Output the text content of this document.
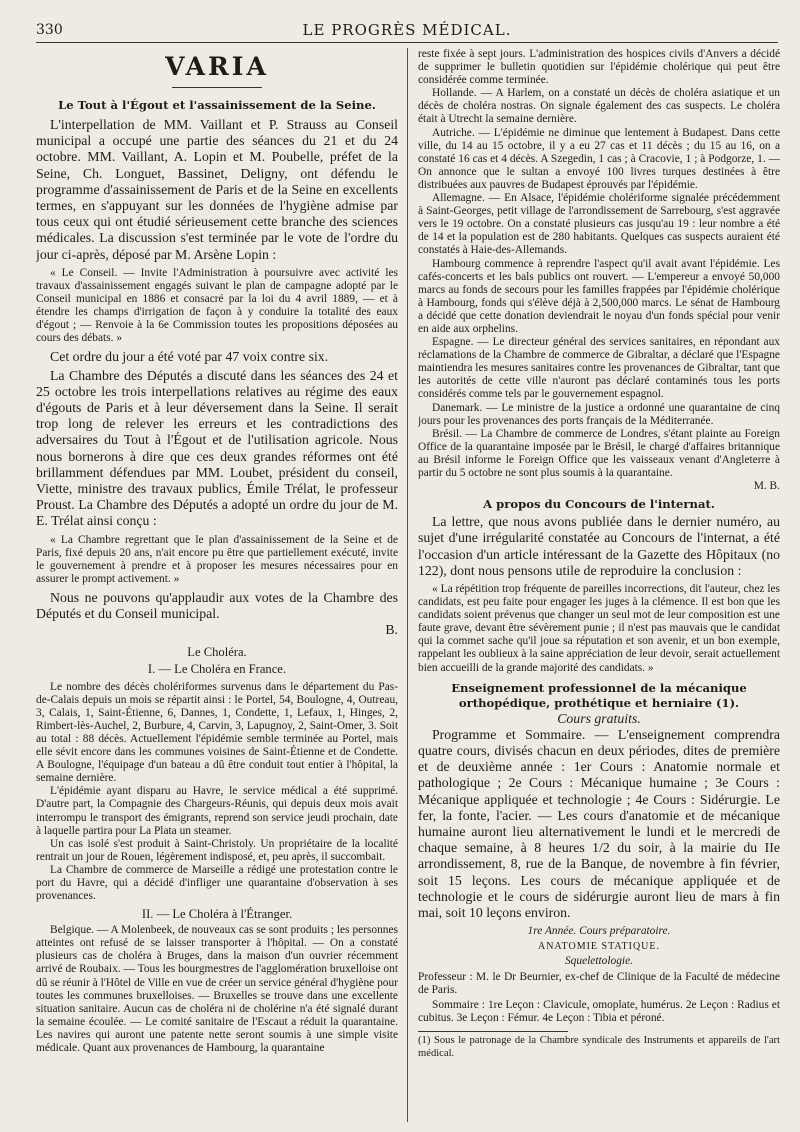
330	LE PROGRÈS MÉDICAL.
VARIA
Le Tout à l'Égout et l'assainissement de la Seine.

L'interpellation de MM. Vaillant et P. Strauss au Conseil municipal a occupé une partie des séances du 21 et du 24 octobre. MM. Vaillant, A. Lopin et M. Poubelle, préfet de la Seine, Ch. Longuet, Bassinet, Deligny, ont défendu le programme d'assainissement de Paris et de la Seine en excellents termes, en s'appuyant sur les données de l'hygiène admise par tous ceux qui ont étudié sérieusement cette branche des sciences médicales. La discussion s'est terminée par le vote de l'ordre du jour ci-après, déposé par M. Arsène Lopin :

« Le Conseil. — Invite l'Administration à poursuivre avec activité les travaux d'assainissement engagés suivant le plan de campagne adopté par le Conseil municipal en 1886 et consacré par la loi du 4 avril 1889, — et à étendre les champs d'irrigation de façon à y conduire la totalité des eaux d'égout ; — Renvoie à la 6e Commission toutes les propositions déposées au cours des débats. »

Cet ordre du jour a été voté par 47 voix contre six.

La Chambre des Députés a discuté dans les séances des 24 et 25 octobre les trois interpellations relatives au régime des eaux d'égouts de Paris et à leur déversement dans la Seine. Il serait trop long de relever les erreurs et les contradictions des adversaires du Tout à l'Égout et de l'utilisation agricole. Nous nous bornerons à dire que ces deux grandes réformes ont été brillamment défendues par MM. Loubet, président du conseil, Viette, ministre des travaux publics, Émile Trélat, le professeur Proust. La Chambre des Députés a adopté un ordre du jour de M. E. Trélat ainsi conçu :

« La Chambre regrettant que le plan d'assainissement de la Seine et de Paris, fixé depuis 20 ans, n'ait encore pu être que partiellement exécuté, invite le gouvernement à prendre et à proposer les mesures nécessaires pour en assurer le prompt activement. »

Nous ne pouvons qu'applaudir aux votes de la Chambre des Députés et du Conseil municipal.

B.

Le Choléra.
I. — Le Choléra en France.

Le nombre des décès cholériformes survenus dans le département du Pas-de-Calais depuis un mois se répartit ainsi : le Portel, 54, Boulogne, 4, Outreau, 3, Calais, 1, Saint-Étienne, 6, Dannes, 1, Condette, 1, Lefaux, 1, Hinges, 2, Rimbert-lès-Auchel, 2, Burbure, 4, Carvin, 3, Lapugnoy, 2, Saint-Omer, 3. Soit au total : 88 décès. Actuellement l'épidémie semble terminée au Portel, mais elle sévit encore dans les communes voisines de Saint-Étienne et de Condette. A Boulogne, l'équipage d'un bateau a dû être conduit tout entier à l'hôpital, la semaine dernière.

L'épidémie ayant disparu au Havre, le service médical a été supprimé. D'autre part, la Compagnie des Chargeurs-Réunis, qui depuis deux mois avait interrompu le transport des émigrants, reprend son service jeudi prochain, date à laquelle partira pour La Plata un steamer.

Un cas isolé s'est produit à Saint-Christoly. Un propriétaire de la localité rentrait un jour de Rouen, légèrement indisposé, et, peu après, il succombait.

La Chambre de commerce de Marseille a rédigé une protestation contre le port du Havre, qui a décidé d'infliger une quarantaine d'observation à ses provenances.

II. — Le Choléra à l'Étranger.

Belgique. — A Molenbeek, de nouveaux cas se sont produits ; les personnes atteintes ont refusé de se laisser transporter à l'hôpital. — On a constaté plusieurs cas de choléra à Bruges, dans la maison d'un ouvrier récemment arrivé de Roubaix. — Tous les bourgmestres de l'agglomération bruxelloise ont dû se réunir à l'Hôtel de Ville en vue de créer un service général d'hygiène pour toutes les communes bruxelloises. — Bruxelles se trouve dans une excellente situation sanitaire. Aucun cas de choléra ni de cholérine n'a été signalé durant la semaine écoulée. — Le comité sanitaire de l'Escaut a réduit la quarantaine. Les navires qui auront une patente nette seront soumis à une simple visite médicale. Quant aux provenances de Hambourg, la quarantaine

reste fixée à sept jours. L'administration des hospices civils d'Anvers a décidé de supprimer le bulletin quotidien sur l'épidémie cholérique qui peut être considérée comme terminée.

Hollande. — A Harlem, on a constaté un décès de choléra asiatique et un décès de choléra nostras. On signale également des cas suspects. Le choléra était à Utrecht la semaine dernière.

Autriche. — L'épidémie ne diminue que lentement à Budapest. Dans cette ville, du 14 au 15 octobre, il y a eu 27 cas et 11 décès ; du 15 au 16, on a constaté 16 cas et 4 décès. A Szegedin, 1 cas ; à Cracovie, 1 ; à Podgorze, 1. — On annonce que le sultan a envoyé 100 livres turques destinées à être distribuées aux pauvres de Budapest éprouvés par l'épidémie.

Allemagne. — En Alsace, l'épidémie cholériforme signalée précédemment à Saint-Georges, petit village de l'arrondissement de Sarrebourg, s'est aggravée vers le 19 octobre. On a constaté plusieurs cas jusqu'au 19 : leur nombre a été de 14 et la population est de 280 habitants. Quelques cas suspects auraient été constatés à Haie-des-Allemands.

Hambourg commence à reprendre l'aspect qu'il avait avant l'épidémie. Les cafés-concerts et les bals publics ont rouvert. — L'empereur a envoyé 50,000 marcs au fonds de secours pour les familles frappées par l'épidémie cholérique à Hambourg, fonds qui s'élève déjà à 2,500,000 marcs. Le sénat de Hambourg a décidé que cette donation deviendrait le noyau d'un fonds spécial pour venir en aide aux orphelins.

Espagne. — Le directeur général des services sanitaires, en répondant aux réclamations de la Chambre de commerce de Gibraltar, a déclaré que l'Espagne maintiendra les mesures sanitaires contre les provenances de Gibraltar, tant que les autorités de cette ville n'auront pas déclaré contaminés tous les ports considérés comme tels par le gouvernement espagnol.

Danemark. — Le ministre de la justice a ordonné une quarantaine de cinq jours pour les provenances des ports français de la Méditerranée.

Brésil. — La Chambre de commerce de Londres, s'étant plainte au Foreign Office de la quarantaine imposée par le Brésil, le chargé d'affaires britannique au Brésil informe le Foreign Office que les vaisseaux venant d'Angleterre à partir du 5 octobre ne sont plus soumis à la quarantaine.

M. B.

A propos du Concours de l'internat.

La lettre, que nous avons publiée dans le dernier numéro, au sujet d'une irrégularité constatée au Concours de l'internat, a été l'occasion d'un article intéressant de la Gazette des Hôpitaux (no 122), dont nous pensons utile de reproduire la conclusion :

« La répétition trop fréquente de pareilles incorrections, dit l'auteur, chez les candidats, est peu faite pour engager les juges à la clémence. Il est bon que les candidats soient prévenus que changer un seul mot de leur composition est une faute grave, devant être sévèrement punie ; il n'est pas mauvais que le candidat qui la commet sache qu'il joue sa réputation et son avenir, et un bon exemple, rappelant les oublieux à la saine appréciation de leur devoir, serait actuellement bien accueilli de la grande majorité des candidats. »

Enseignement professionnel de la mécanique orthopédique, prothétique et herniaire (1).
Cours gratuits.

Programme et Sommaire. — L'enseignement comprendra quatre cours, divisés chacun en deux périodes, dites de première et de deuxième année : 1er Cours : Anatomie normale et pathologique ; 2e Cours : Mécanique humaine ; 3e Cours : Mécanique appliquée et technologie ; 4e Cours : Sidérurgie. Le fer, la fonte, l'acier. — Les cours d'anatomie et de mécanique humaine auront lieu alternativement le lundi et le mercredi de chaque semaine, à 8 heures 1/2 du soir, à la mairie du IIe arrondissement, 8, rue de la Banque, de novembre à fin février, soit 15 leçons. Les cours de mécanique appliquée et de technologie et le cours de sidérurgie auront lieu de mars à fin mai, soit 10 leçons environ.

1re Année. Cours préparatoire.
ANATOMIE STATIQUE.
Squelettologie.

Professeur : M. le Dr Beurnier, ex-chef de Clinique de la Faculté de médecine de Paris.

Sommaire : 1re Leçon : Clavicule, omoplate, humérus. 2e Leçon : Radius et cubitus. 3e Leçon : Fémur. 4e Leçon : Tibia et péroné.

(1) Sous le patronage de la Chambre syndicale des Instruments et appareils de l'art médical.
